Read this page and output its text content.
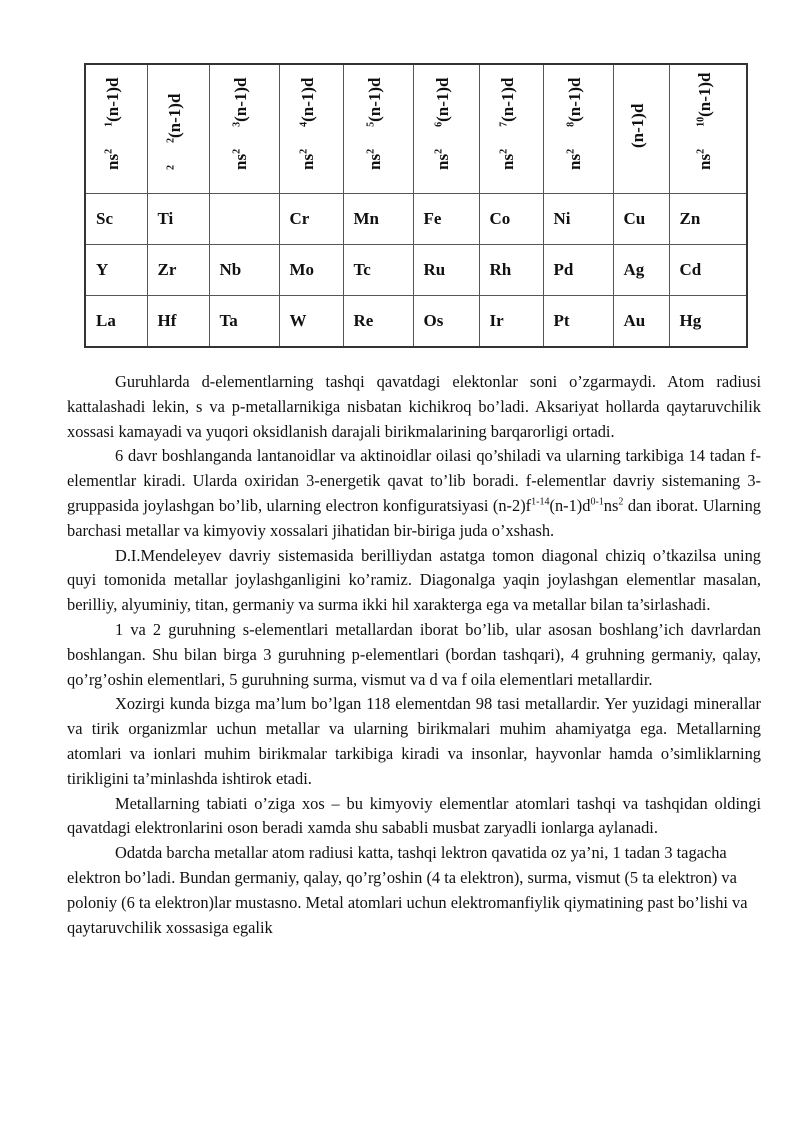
$ns^{21}(n-1)d$	$^{22}$(n-1)d	$ns^{23}(n-1)d$	$ns^{24}(n-1)d$	$ns^{25}(n-1)d$	$ns^{26}(n-1)d$	$ns^{27}(n-1)d$	$ns^{28}(n-1)d$	(n-1)d	$ns^{210}(n-1)d$

Sc	Ti		Cr	Mn	Fe	Co	Ni	Cu	Zn
Y	Zr	Nb	Mo	Tc	Ru	Rh	Pd	Ag	Cd
La	Hf	Ta	W	Re	Os	Ir	Pt	Au	Hg

Guruhlarda d-elementlarning tashqi qavatdagi elektonlar soni o’zgarmaydi. Atom radiusi kattalashadi lekin, s va p-metallarnikiga nisbatan kichikroq bo’ladi. Aksariyat hollarda qaytaruvchilik xossasi kamayadi va yuqori oksidlanish darajali birikmalarining barqarorligi ortadi.

6 davr boshlanganda lantanoidlar va aktinoidlar oilasi qo’shiladi va ularning tarkibiga 14 tadan f-elementlar kiradi. Ularda oxiridan 3-energetik qavat to’lib boradi. f-elementlar davriy sistemaning 3-gruppasida joylashgan bo’lib, ularning electron konfiguratsiyasi $(n-2)f^{1-14}(n-1)d^{0-1}ns^2$ dan iborat. Ularning barchasi metallar va kimyoviy xossalari jihatidan bir-biriga juda o’xshash.

D.I.Mendeleyev davriy sistemasida berilliydan astatga tomon diagonal chiziq o’tkazilsa uning quyi tomonida metallar joylashganligini ko’ramiz. Diagonalga yaqin joylashgan elementlar masalan, berilliy, alyuminiy, titan, germaniy va surma ikki hil xarakterga ega va metallar bilan ta’sirlashadi.

1 va 2 guruhning s-elementlari metallardan iborat bo’lib, ular asosan boshlang’ich davrlardan boshlangan. Shu bilan birga 3 guruhning p-elementlari (bordan tashqari), 4 gruhning germaniy, qalay, qo’rg’oshin elementlari, 5 guruhning surma, vismut va d va f oila elementlari metallardir.

Xozirgi kunda bizga ma’lum bo’lgan 118 elementdan 98 tasi metallardir. Yer yuzidagi minerallar va tirik organizmlar uchun metallar va ularning birikmalari muhim ahamiyatga ega. Metallarning atomlari va ionlari muhim birikmalar tarkibiga kiradi va insonlar, hayvonlar hamda o’simliklarning tirikligini ta’minlashda ishtirok etadi.

Metallarning tabiati o’ziga xos – bu kimyoviy elementlar atomlari tashqi va tashqidan oldingi qavatdagi elektronlarini oson beradi xamda shu sababli musbat zaryadli ionlarga aylanadi.

Odatda barcha metallar atom radiusi katta, tashqi lektron qavatida oz ya’ni, 1 tadan 3 tagacha elektron bo’ladi. Bundan germaniy, qalay, qo’rg’oshin (4 ta elektron), surma, vismut (5 ta elektron) va poloniy (6 ta elektron)lar mustasno. Metal atomlari uchun elektromanfiylik qiymatining past bo’lishi va qaytaruvchilik xossasiga egalik
